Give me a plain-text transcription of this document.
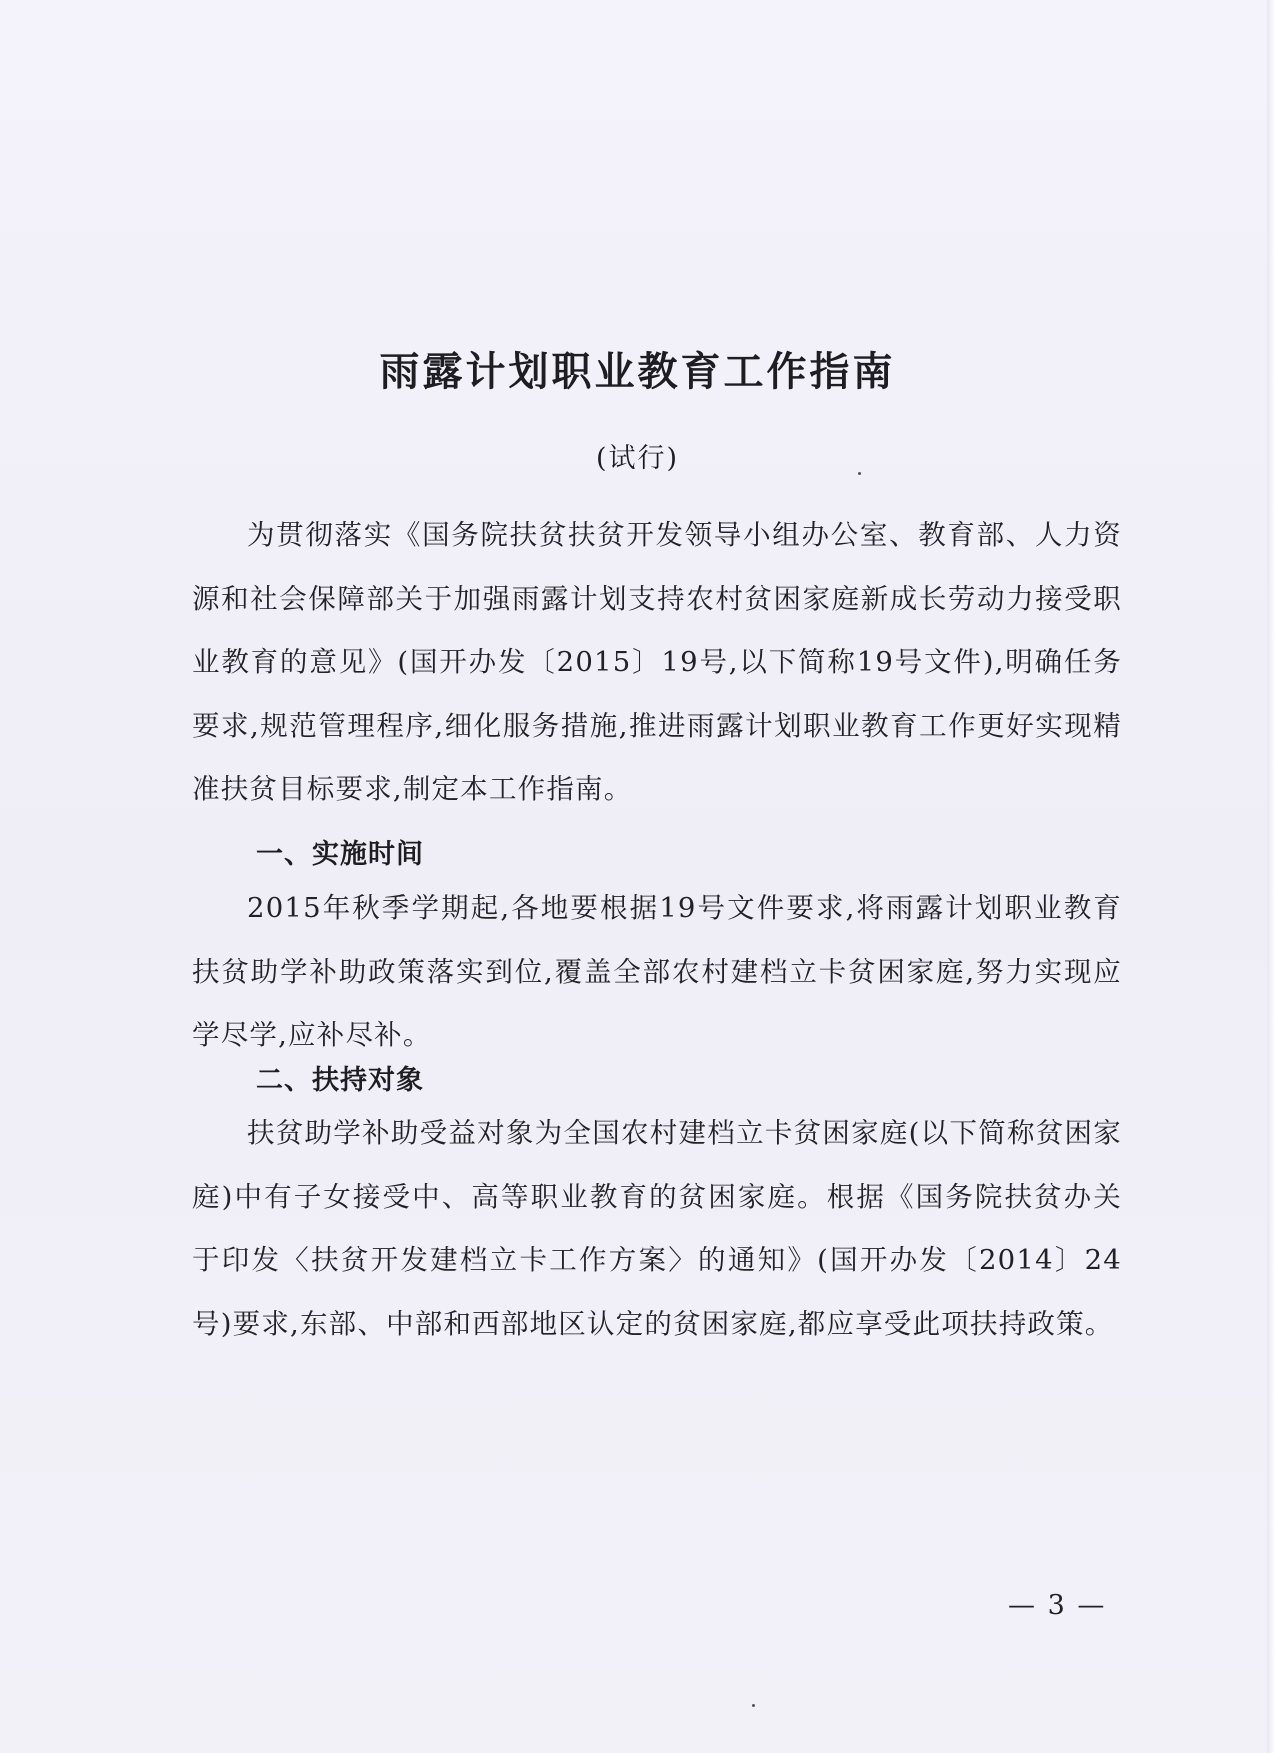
雨露计划职业教育工作指南
(试行)

为贯彻落实《国务院扶贫扶贫开发领导小组办公室、教育部、人力资源和社会保障部关于加强雨露计划支持农村贫困家庭新成长劳动力接受职业教育的意见》(国开办发〔2015〕19号,以下简称19号文件),明确任务要求,规范管理程序,细化服务措施,推进雨露计划职业教育工作更好实现精准扶贫目标要求,制定本工作指南。

一、实施时间

2015年秋季学期起,各地要根据19号文件要求,将雨露计划职业教育扶贫助学补助政策落实到位,覆盖全部农村建档立卡贫困家庭,努力实现应学尽学,应补尽补。

二、扶持对象

扶贫助学补助受益对象为全国农村建档立卡贫困家庭(以下简称贫困家庭)中有子女接受中、高等职业教育的贫困家庭。根据《国务院扶贫办关于印发〈扶贫开发建档立卡工作方案〉的通知》(国开办发〔2014〕24号)要求,东部、中部和西部地区认定的贫困家庭,都应享受此项扶持政策。

— 3 —
